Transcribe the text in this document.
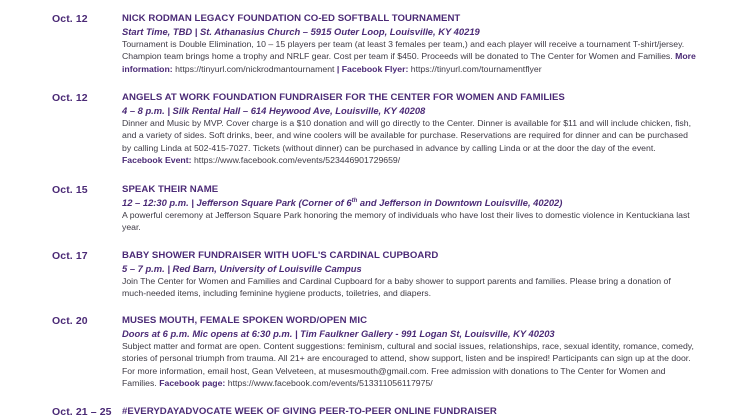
Oct. 12	NICK RODMAN LEGACY FOUNDATION CO-ED SOFTBALL TOURNAMENT
Start Time, TBD | St. Athanasius Church – 5915 Outer Loop, Louisville, KY 40219
Tournament is Double Elimination, 10 – 15 players per team (at least 3 females per team,) and each player will receive a tournament T-shirt/jersey. Champion team brings home a trophy and NRLF gear. Cost per team if $450. Proceeds will be donated to The Center for Women and Families. More information: https://tinyurl.com/nickrodmantournament | Facebook Flyer: https://tinyurl.com/tournamentflyer
Oct. 12	ANGELS AT WORK FOUNDATION FUNDRAISER FOR THE CENTER FOR WOMEN AND FAMILIES
4 – 8 p.m. | Silk Rental Hall – 614 Heywood Ave, Louisville, KY 40208
Dinner and Music by MVP. Cover charge is a $10 donation and will go directly to the Center. Dinner is available for $11 and will include chicken, fish, and a variety of sides. Soft drinks, beer, and wine coolers will be available for purchase. Reservations are required for dinner and can be purchased by calling Linda at 502-415-7027. Tickets (without dinner) can be purchased in advance by calling Linda or at the door the day of the event. Facebook Event: https://www.facebook.com/events/523446901729659/
Oct. 15	SPEAK THEIR NAME
12 – 12:30 p.m. | Jefferson Square Park (Corner of 6th and Jefferson in Downtown Louisville, 40202)
A powerful ceremony at Jefferson Square Park honoring the memory of individuals who have lost their lives to domestic violence in Kentuckiana last year.
Oct. 17	BABY SHOWER FUNDRAISER WITH UOFL'S CARDINAL CUPBOARD
5 – 7 p.m. | Red Barn, University of Louisville Campus
Join The Center for Women and Families and Cardinal Cupboard for a baby shower to support parents and families. Please bring a donation of much-needed items, including feminine hygiene products, toiletries, and diapers.
Oct. 20	MUSES MOUTH, FEMALE SPOKEN WORD/OPEN MIC
Doors at 6 p.m. Mic opens at 6:30 p.m. | Tim Faulkner Gallery - 991 Logan St, Louisville, KY 40203
Subject matter and format are open. Content suggestions: feminism, cultural and social issues, relationships, race, sexual identity, romance, comedy, stories of personal triumph from trauma. All 21+ are encouraged to attend, show support, listen and be inspired! Participants can sign up at the door. For more information, email host, Gean Velveteen, at musesmouth@gmail.com. Free admission with donations to The Center for Women and Families. Facebook page: https://www.facebook.com/events/513311056117975/
Oct. 21 – 25 #EVERYDAYADVOCATE WEEK OF GIVING PEER-TO-PEER ONLINE FUNDRAISER
